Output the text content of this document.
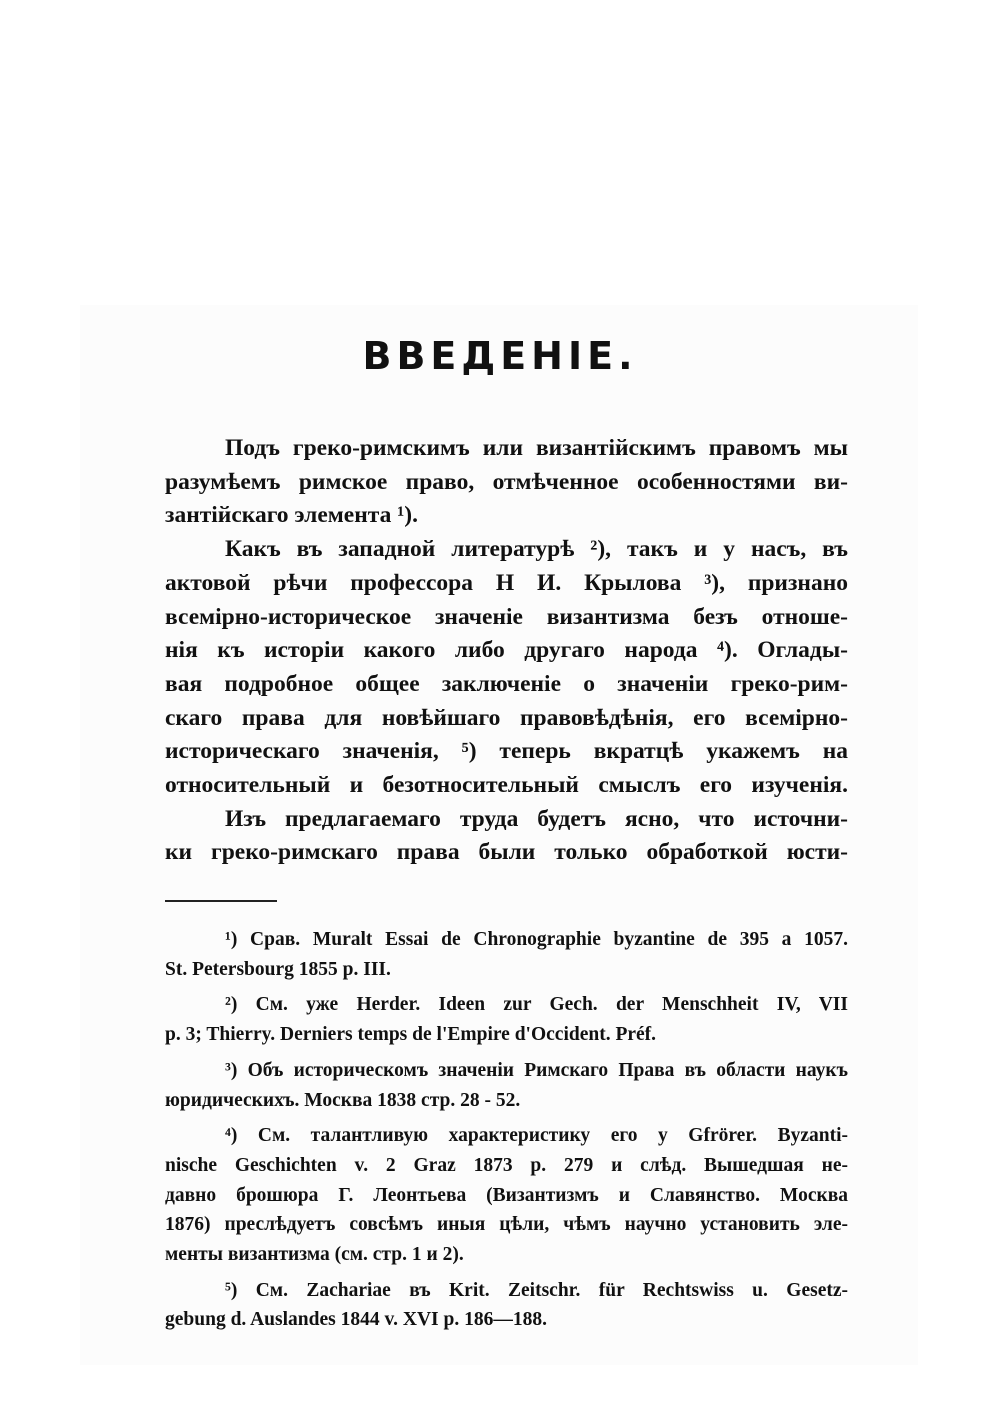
ВВЕДЕНІЕ.
Подъ греко-римскимъ или византійскимъ правомъ мы
разумѣемъ римское право, отмѣченное особенностями ви-
зантійскаго элемента ¹).
Какъ въ западной литературѣ ²), такъ и у насъ, въ
актовой рѣчи профессора Н И. Крылова ³), признано
всемірно-историческое значеніе византизма безъ отноше-
нія къ исторіи какого либо другаго народа ⁴). Оглады-
вая подробное общее заключеніе о значеніи греко-рим-
скаго права для новѣйшаго правовѣдѣнія, его всемірно-
историческаго значенія, ⁵) теперь вкратцѣ укажемъ на
относительный и безотносительный смыслъ его изученія.
Изъ предлагаемаго труда будетъ ясно, что источни-
ки греко-римскаго права были только обработкой юсти-
¹) Срав. Muralt Essai de Chronographie byzantine de 395 a 1057.
St. Petersbourg 1855 p. III.
²) См. уже Herder. Ideen zur Gech. der Menschheit IV, VII
p. 3; Thierry. Derniers temps de l'Empire d'Occident. Préf.
³) Объ историческомъ значеніи Римскаго Права въ области наукъ
юридическихъ. Москва 1838 стр. 28 - 52.
⁴) См. талантливую характеристику его у Gfrörer. Byzanti-
nische Geschichten v. 2 Graz 1873 p. 279 и слѣд. Вышедшая не-
давно брошюра Г. Леонтьева (Византизмъ и Славянство. Москва
1876) преслѣдуетъ совсѣмъ иныя цѣли, чѣмъ научно установить эле-
менты византизма (см. стр. 1 и 2).
⁵) См. Zachariae въ Krit. Zeitschr. für Rechtswiss u. Gesetz-
gebung d. Auslandes 1844 v. XVI p. 186—188.
